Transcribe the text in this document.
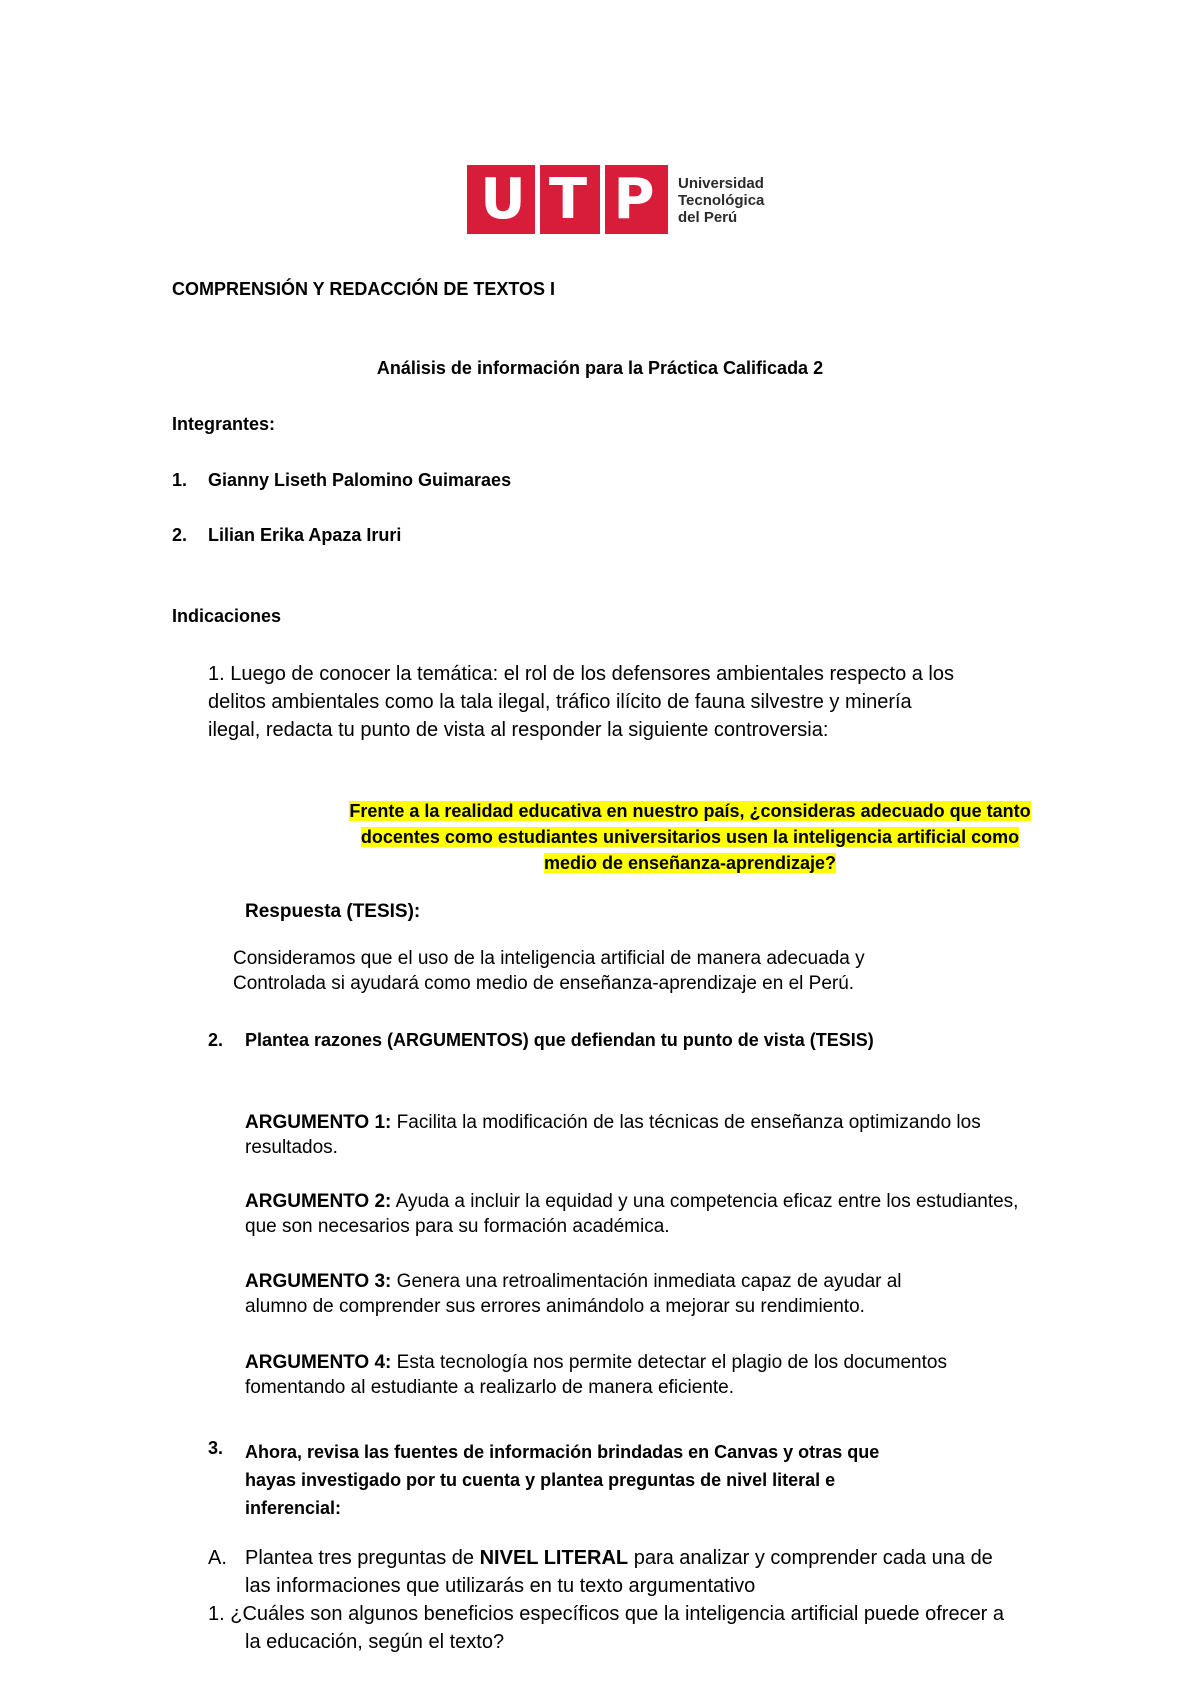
U T P	Universidad
Tecnológica
del Perú
COMPRENSIÓN Y REDACCIÓN DE TEXTOS I
Análisis de información para la Práctica Calificada 2
Integrantes:
1. Gianny Liseth Palomino Guimaraes
2. Lilian Erika Apaza Iruri
Indicaciones
1. Luego de conocer la temática: el rol de los defensores ambientales respecto a los
delitos ambientales como la tala ilegal, tráfico ilícito de fauna silvestre y minería
ilegal, redacta tu punto de vista al responder la siguiente controversia:
Frente a la realidad educativa en nuestro país, ¿consideras adecuado que tanto
docentes como estudiantes universitarios usen la inteligencia artificial como
medio de enseñanza-aprendizaje?
Respuesta (TESIS):
Consideramos que el uso de la inteligencia artificial de manera adecuada y
Controlada si ayudará como medio de enseñanza-aprendizaje en el Perú.
2. Plantea razones (ARGUMENTOS) que defiendan tu punto de vista (TESIS)
ARGUMENTO 1: Facilita la modificación de las técnicas de enseñanza optimizando los
resultados.
ARGUMENTO 2: Ayuda a incluir la equidad y una competencia eficaz entre los estudiantes,
que son necesarios para su formación académica.
ARGUMENTO 3: Genera una retroalimentación inmediata capaz de ayudar al
alumno de comprender sus errores animándolo a mejorar su rendimiento.
ARGUMENTO 4: Esta tecnología nos permite detectar el plagio de los documentos
fomentando al estudiante a realizarlo de manera eficiente.
3. Ahora, revisa las fuentes de información brindadas en Canvas y otras que
hayas investigado por tu cuenta y plantea preguntas de nivel literal e
inferencial:
A. Plantea tres preguntas de NIVEL LITERAL para analizar y comprender cada una de
las informaciones que utilizarás en tu texto argumentativo
1. ¿Cuáles son algunos beneficios específicos que la inteligencia artificial puede ofrecer a
la educación, según el texto?
